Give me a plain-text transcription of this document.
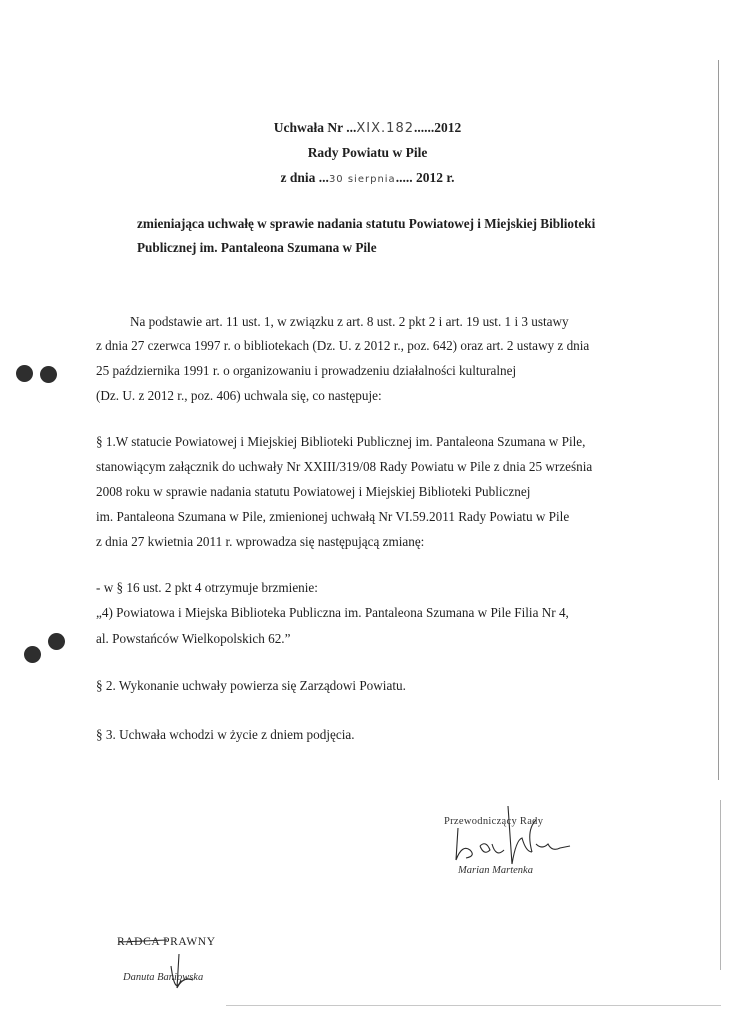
Uchwała Nr ...XIX.182......2012
Rady Powiatu w Pile
z dnia ...30 sierpnia..... 2012 r.
zmieniająca uchwałę w sprawie nadania statutu Powiatowej i Miejskiej Biblioteki
Publicznej im. Pantaleona Szumana w Pile
Na podstawie art. 11 ust. 1, w związku z art. 8 ust. 2 pkt 2 i art. 19 ust. 1 i 3 ustawy
z dnia 27 czerwca 1997 r. o bibliotekach (Dz. U. z 2012 r., poz. 642) oraz art. 2 ustawy z dnia
25 października 1991 r. o organizowaniu i prowadzeniu działalności kulturalnej
(Dz. U. z 2012 r., poz. 406) uchwala się, co następuje:
§ 1.W statucie Powiatowej i Miejskiej Biblioteki Publicznej im. Pantaleona Szumana w Pile,
stanowiącym załącznik do uchwały Nr XXIII/319/08 Rady Powiatu w Pile z dnia 25 września
2008 roku w sprawie nadania statutu Powiatowej i Miejskiej Biblioteki Publicznej
im. Pantaleona Szumana w Pile, zmienionej uchwałą Nr VI.59.2011 Rady Powiatu w Pile
z dnia 27 kwietnia 2011 r. wprowadza się następującą zmianę:
- w § 16 ust. 2 pkt 4 otrzymuje brzmienie:
„4) Powiatowa i Miejska Biblioteka Publiczna im. Pantaleona Szumana w Pile Filia Nr 4,
al. Powstańców Wielkopolskich 62.”
§ 2. Wykonanie uchwały powierza się Zarządowi Powiatu.
§ 3. Uchwała wchodzi w życie z dniem podjęcia.
Przewodniczący Rady
Marian Martenka
RADCA PRAWNY
Danuta Baniowska
